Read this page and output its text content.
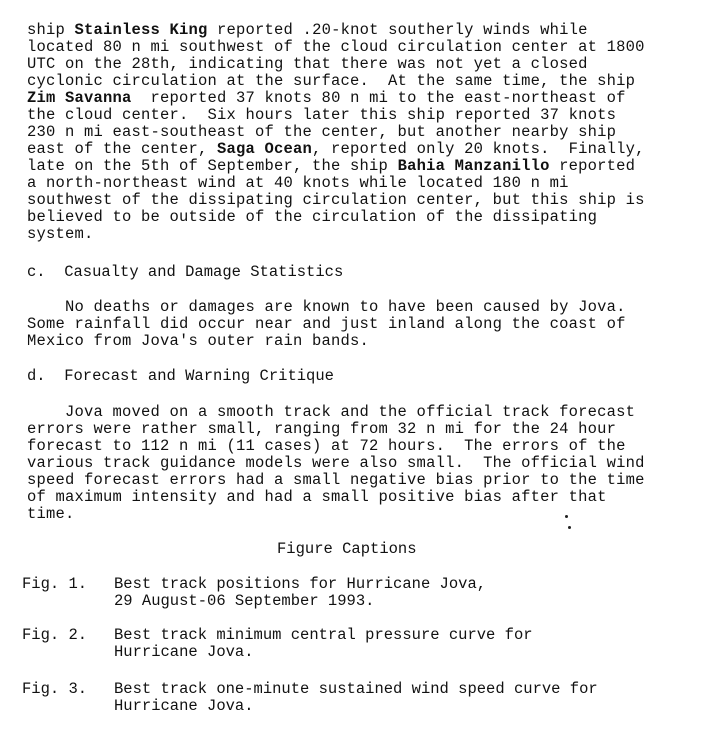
ship Stainless King reported .20-knot southerly winds while
located 80 n mi southwest of the cloud circulation center at 1800
UTC on the 28th, indicating that there was not yet a closed
cyclonic circulation at the surface.  At the same time, the ship
Zim Savanna  reported 37 knots 80 n mi to the east-northeast of
the cloud center.  Six hours later this ship reported 37 knots
230 n mi east-southeast of the center, but another nearby ship
east of the center, Saga Ocean, reported only 20 knots.  Finally,
late on the 5th of September, the ship Bahia Manzanillo reported
a north-northeast wind at 40 knots while located 180 n mi
southwest of the dissipating circulation center, but this ship is
believed to be outside of the circulation of the dissipating
system.
c.  Casualty and Damage Statistics
No deaths or damages are known to have been caused by Jova.
Some rainfall did occur near and just inland along the coast of
Mexico from Jova's outer rain bands.
d.  Forecast and Warning Critique
Jova moved on a smooth track and the official track forecast
errors were rather small, ranging from 32 n mi for the 24 hour
forecast to 112 n mi (11 cases) at 72 hours.  The errors of the
various track guidance models were also small.  The official wind
speed forecast errors had a small negative bias prior to the time
of maximum intensity and had a small positive bias after that
time.
Figure Captions
Fig. 1. Best track positions for Hurricane Jova,
29 August-06 September 1993.
Fig. 2. Best track minimum central pressure curve for
Hurricane Jova.
Fig. 3. Best track one-minute sustained wind speed curve for
Hurricane Jova.
